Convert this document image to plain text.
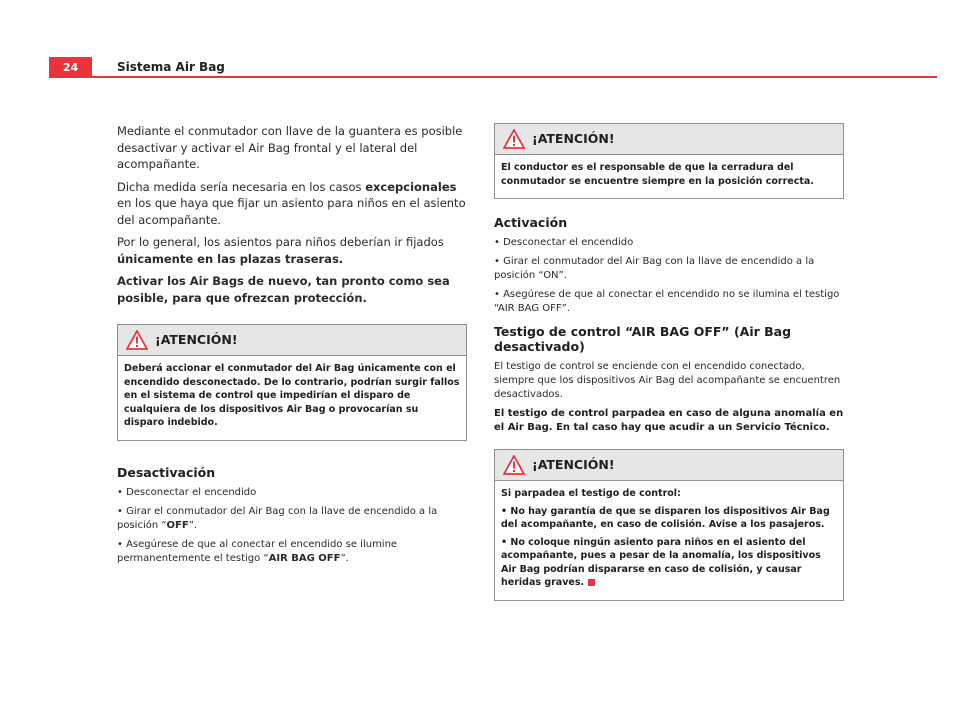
24	Sistema Air Bag

Mediante el conmutador con llave de la guantera es posible desactivar y activar el Air Bag frontal y el lateral del acompañante.

Dicha medida sería necesaria en los casos excepcionales en los que haya que fijar un asiento para niños en el asiento del acompañante.

Por lo general, los asientos para niños deberían ir fijados únicamente en las plazas traseras.

Activar los Air Bags de nuevo, tan pronto como sea posible, para que ofrezcan protección.

¡ATENCIÓN!

Deberá accionar el conmutador del Air Bag únicamente con el encendido desconectado. De lo contrario, podrían surgir fallos en el sistema de control que impedirían el disparo de cualquiera de los dispositivos Air Bag o provocarían su disparo indebido.

Desactivación

• Desconectar el encendido

• Girar el conmutador del Air Bag con la llave de encendido a la posición “OFF”.

• Asegúrese de que al conectar el encendido se ilumine permanentemente el testigo “AIR BAG OFF”.

¡ATENCIÓN!

El conductor es el responsable de que la cerradura del conmutador se encuentre siempre en la posición correcta.

Activación

• Desconectar el encendido

• Girar el conmutador del Air Bag con la llave de encendido a la posición “ON”.

• Asegúrese de que al conectar el encendido no se ilumina el testigo “AIR BAG OFF”.

Testigo de control “AIR BAG OFF” (Air Bag desactivado)

El testigo de control se enciende con el encendido conectado, siempre que los dispositivos Air Bag del acompañante se encuentren desactivados.

El testigo de control parpadea en caso de alguna anomalía en el Air Bag. En tal caso hay que acudir a un Servicio Técnico.

¡ATENCIÓN!

Si parpadea el testigo de control:

• No hay garantía de que se disparen los dispositivos Air Bag del acompañante, en caso de colisión. Avise a los pasajeros.

• No coloque ningún asiento para niños en el asiento del acompañante, pues a pesar de la anomalía, los dispositivos Air Bag podrían dispararse en caso de colisión, y causar heridas graves.
